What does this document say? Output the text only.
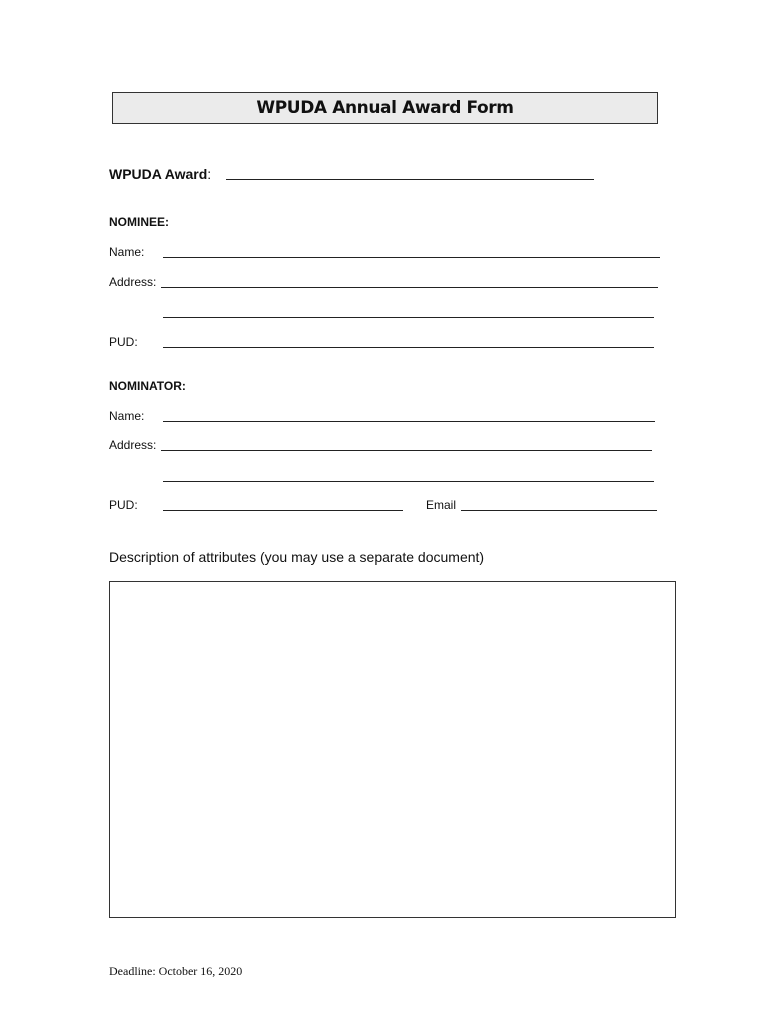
WPUDA Annual Award Form
WPUDA Award:
NOMINEE:
Name:
Address:
PUD:
NOMINATOR:
Name:
Address:
PUD:	Email
Description of attributes (you may use a separate document)
Deadline: October 16, 2020
